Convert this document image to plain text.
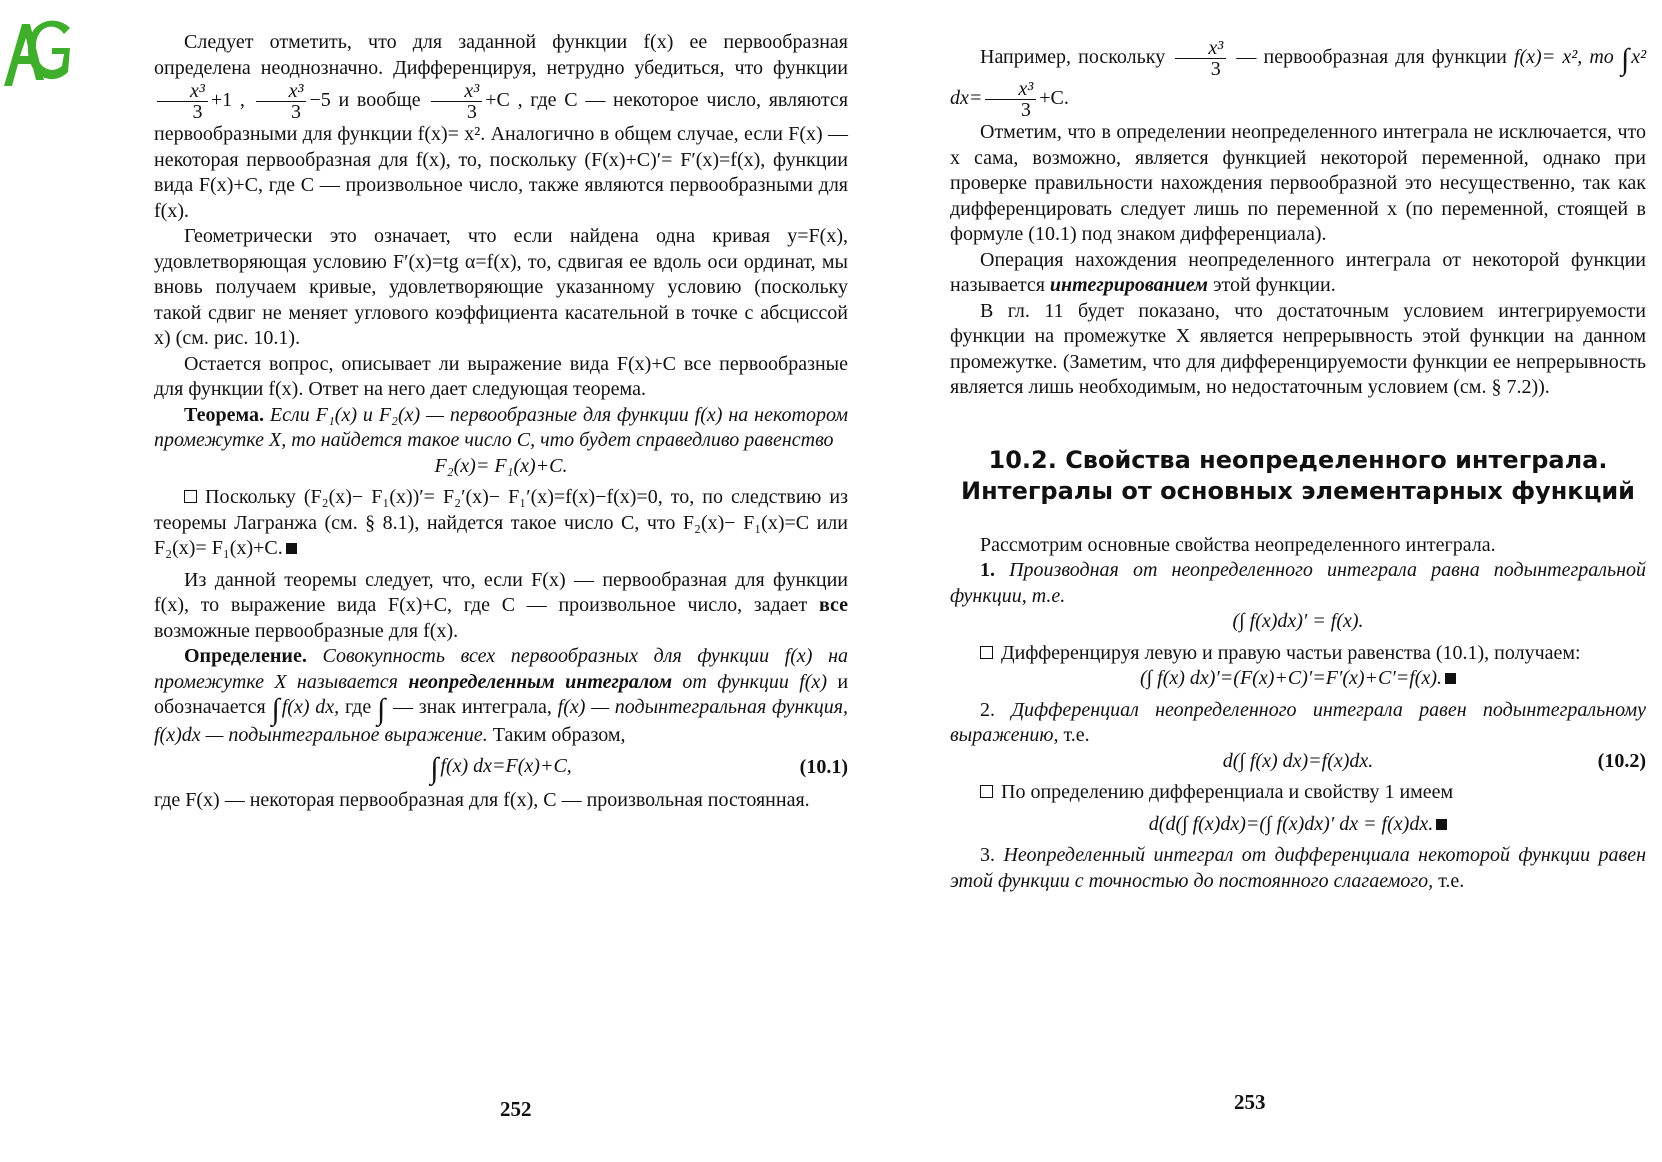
Следует отметить, что для заданной функции f(x) ее первообразная определена неоднозначно. Дифференцируя, нетрудно убедиться, что функции
$\frac{\text{x³}}{3} +1$ , $\frac{\text{x³}}{3} -5$ и вообще $\frac{\text{x³}}{3} +C$ , где C — некоторое число, являются первообразными для функции f(x)= x². Аналогично в общем случае, если F(x) — некоторая первообразная для f(x), то, поскольку (F(x)+C)′= F′(x)=f(x), функции вида F(x)+C, где C — произвольное число, также являются первообразными для f(x).

Геометрически это означает, что если найдена одна кривая y=F(x), удовлетворяющая условию F′(x)=tg α=f(x), то, сдвигая ее вдоль оси ординат, мы вновь получаем кривые, удовлетворяющие указанному условию (поскольку такой сдвиг не меняет углового коэффициента касательной в точке с абсциссой x) (см. рис. 10.1).

Остается вопрос, описывает ли выражение вида F(x)+C все первообразные для функции f(x). Ответ на него дает следующая теорема.

Теорема. Если F₁(x) и F₂(x) — первообразные для функции f(x) на некотором промежутке X, то найдется такое число C, что будет справедливо равенство

F₂(x)= F₁(x)+C.

Поскольку (F₂(x)− F₁(x))′= F₂′(x)− F₁′(x)=f(x)−f(x)=0, то, по следствию из теоремы Лагранжа (см. § 8.1), найдется такое число C, что F₂(x)− F₁(x)=C или F₂(x)= F₁(x)+C.

Из данной теоремы следует, что, если F(x) — первообразная для функции f(x), то выражение вида F(x)+C, где C — произвольное число, задает все возможные первообразные для f(x).

Определение. Совокупность всех первообразных для функции f(x) на промежутке X называется неопределенным интегралом от функции f(x) и обозначается ∫ f(x) dx, где ∫ — знак интеграла, f(x) — подынтегральная функция, f(x)dx — подынтегральное выражение. Таким образом,

∫ f(x) dx=F(x)+C,	(10.1)

где F(x) — некоторая первообразная для f(x), C — произвольная постоянная.

252

Например, поскольку $\frac{\text{x³}}{3}$ — первообразная для функции f(x)= x², то ∫ x² $dx= \frac{\text{x³}}{3} +C$.

Отметим, что в определении неопределенного интеграла не исключается, что x сама, возможно, является функцией некоторой переменной, однако при проверке правильности нахождения первообразной это несущественно, так как дифференцировать следует лишь по переменной x (по переменной, стоящей в формуле (10.1) под знаком дифференциала).

Операция нахождения неопределенного интеграла от некоторой функции называется интегрированием этой функции.

В гл. 11 будет показано, что достаточным условием интегрируемости функции на промежутке X является непрерывность этой функции на данном промежутке. (Заметим, что для дифференцируемости функции ее непрерывность является лишь необходимым, но недостаточным условием (см. § 7.2)).

10.2. Свойства неопределенного интеграла.
Интегралы от основных элементарных функций

Рассмотрим основные свойства неопределенного интеграла.

1. Производная от неопределенного интеграла равна подынтегральной функции, т.е.

(∫ f(x)dx)′ = f(x).

Дифференцируя левую и правую частьи равенства (10.1), получаем:

(∫ f(x) dx)′=(F(x)+C)′=F′(x)+C′=f(x).

2. Дифференциал неопределенного интеграла равен подынтегральному выражению, т.е.

d(∫ f(x) dx)=f(x)dx.	(10.2)

По определению дифференциала и свойству 1 имеем

d(d(∫ f(x)dx)=(∫ f(x)dx)′ dx = f(x)dx.

3. Неопределенный интеграл от дифференциала некоторой функции равен этой функции с точностью до постоянного слагаемого, т.е.

253
